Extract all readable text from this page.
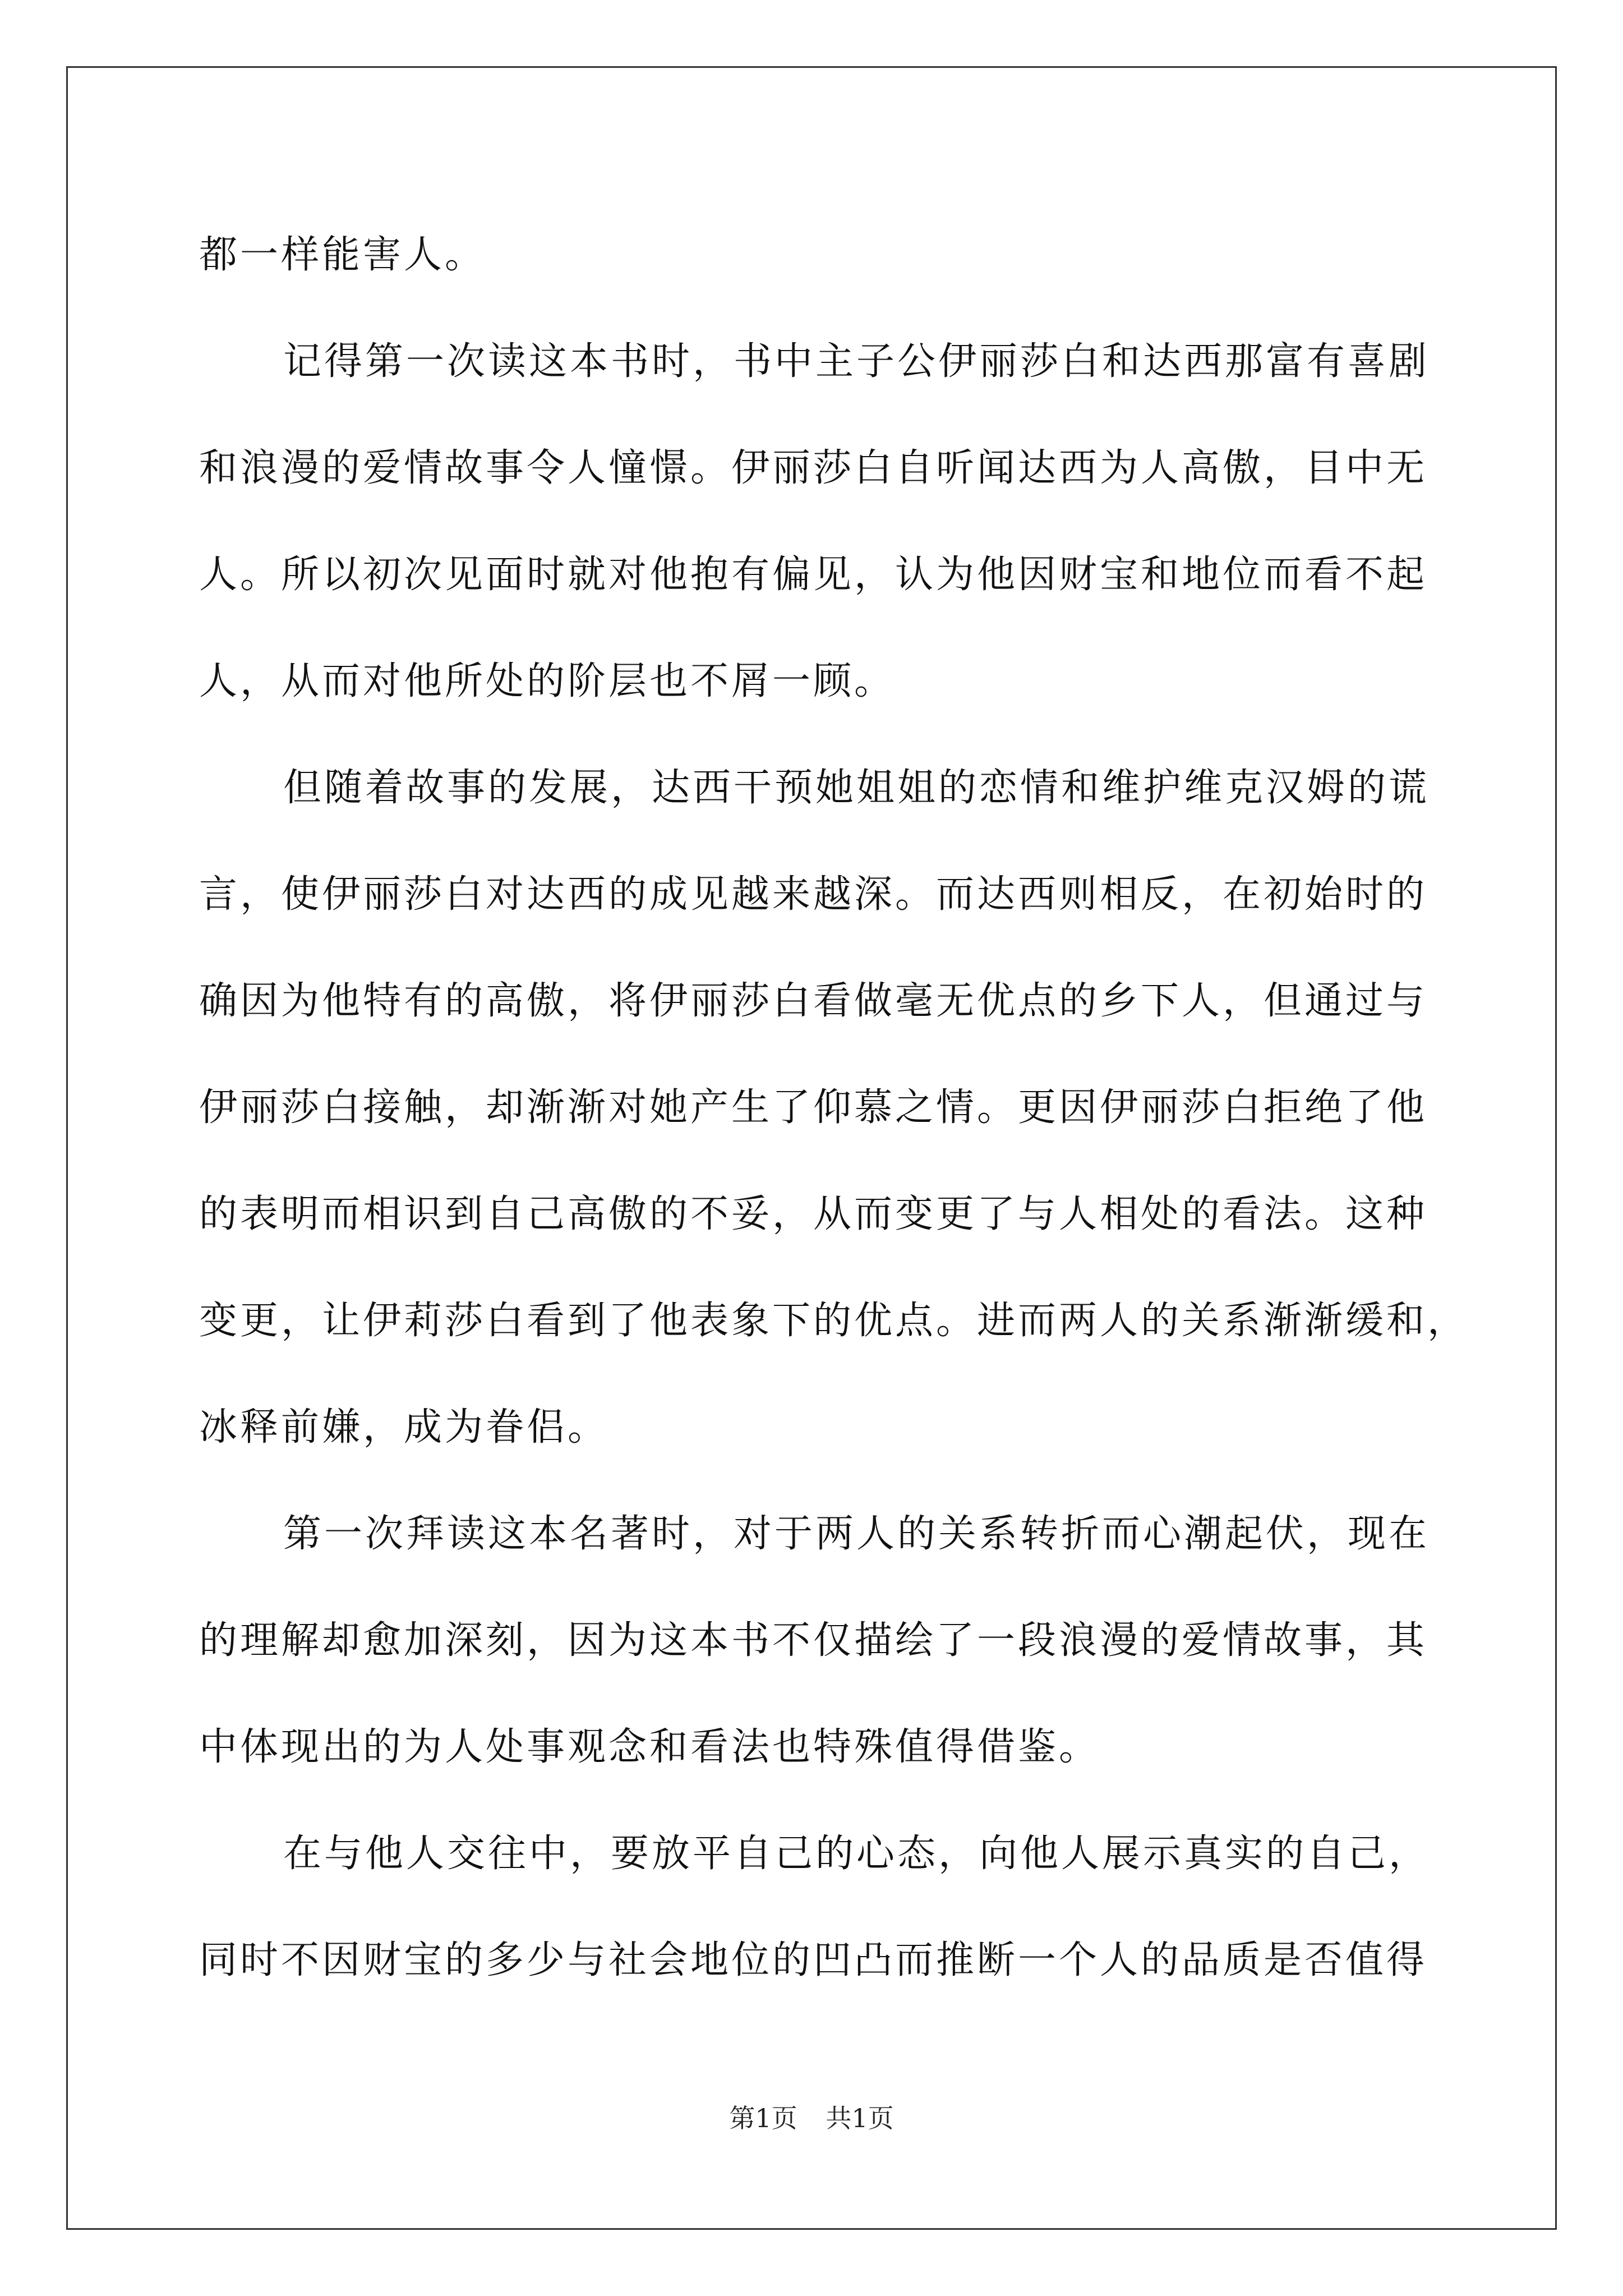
都一样能害人。
记得第一次读这本书时，书中主子公伊丽莎白和达西那富有喜剧
和浪漫的爱情故事令人憧憬。伊丽莎白自听闻达西为人高傲，目中无
人。所以初次见面时就对他抱有偏见，认为他因财宝和地位而看不起
人，从而对他所处的阶层也不屑一顾。
但随着故事的发展，达西干预她姐姐的恋情和维护维克汉姆的谎
言，使伊丽莎白对达西的成见越来越深。而达西则相反，在初始时的
确因为他特有的高傲，将伊丽莎白看做毫无优点的乡下人，但通过与
伊丽莎白接触，却渐渐对她产生了仰慕之情。更因伊丽莎白拒绝了他
的表明而相识到自己高傲的不妥，从而变更了与人相处的看法。这种
变更，让伊莉莎白看到了他表象下的优点。进而两人的关系渐渐缓和，
冰释前嫌，成为眷侣。
第一次拜读这本名著时，对于两人的关系转折而心潮起伏，现在
的理解却愈加深刻，因为这本书不仅描绘了一段浪漫的爱情故事，其
中体现出的为人处事观念和看法也特殊值得借鉴。
在与他人交往中，要放平自己的心态，向他人展示真实的自己，
同时不因财宝的多少与社会地位的凹凸而推断一个人的品质是否值得
第1页 共1页
